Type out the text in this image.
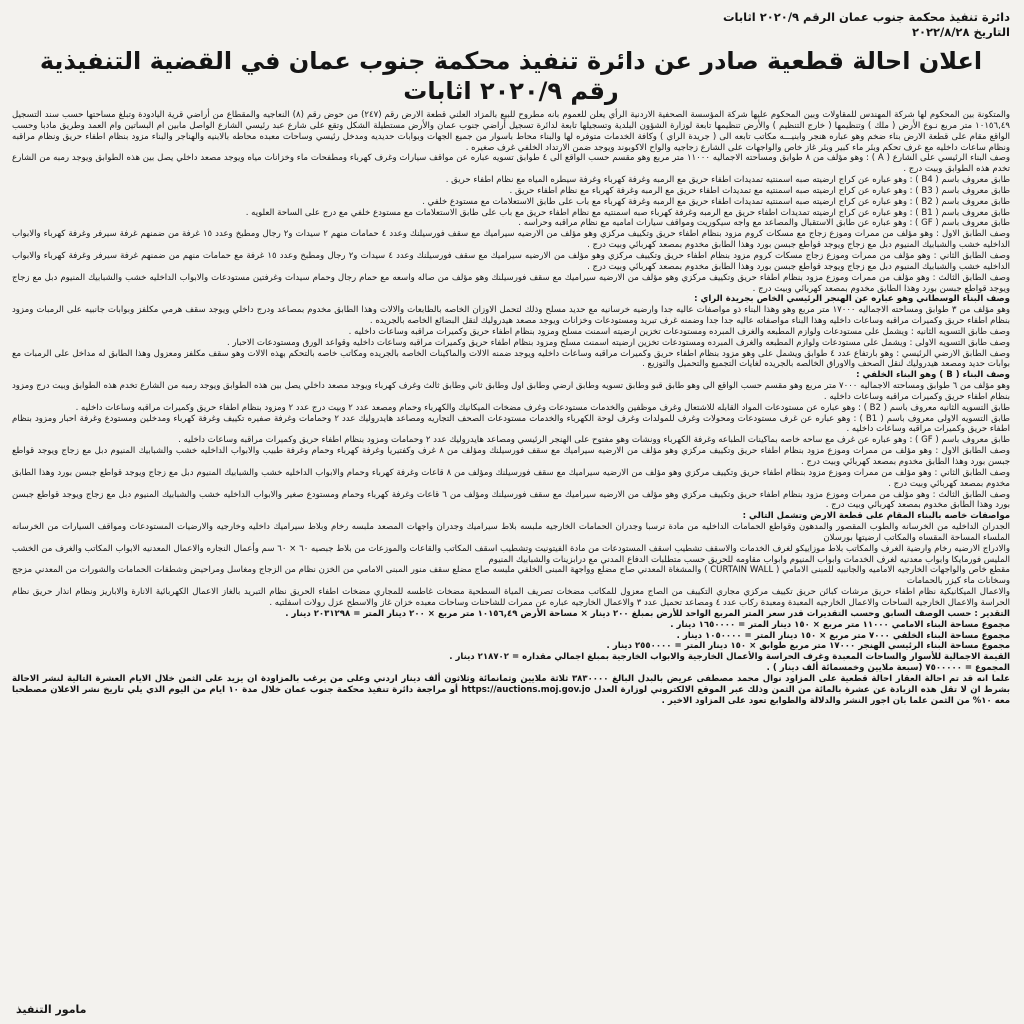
دائرة تنفيذ محكمة جنوب عمان الرقم ٢٠٢٠/٩ اثابات
التاريخ ٢٠٢٢/٨/٢٨
اعلان احالة قطعية صادر عن دائرة تنفيذ محكمة جنوب عمان في القضية التنفيذية رقم ٢٠٢٠/٩ اثابات

والمتكونة بين المحكوم لها شركة المهندس للمقاولات وبين المحكوم عليها شركة المؤسسة الصحفية الاردنية الرأي يعلن للعموم بانه مطروح للبيع بالمزاد العلني قطعة الارض رقم (٢٤٧) من حوض رقم (٨) النعاجيه والمقطاع من أراضي قرية اليادودة وتبلغ مساحتها حسب سند التسجيل ١٠١٥٦,٤٩ متر مربع نـوع الأرض ( ملك ) وتنظيمها ( خارج التنظيم ) والأرض تنظيمها تابعة لوزارة الشؤون البلدية وتسجيلها تابعة لدائرة تسجيل أراضي جنوب عمان والأرض مستطيلة الشكل وتقع على شارع عبد رئيسي الشارع الواصل مابين ام البساتين وام العمد وطريق مادبا وحسب الواقع مقام على قطعة الارض بناء ضخم وهو عباره هنجر وابنيـــه مكاتب تابعه الى ( جريدة الراي ) وكافة الخدمات متوفره لها والبناء محاط باسوار من جميع الجهات وبوابات حديديه ومدخل رئيسي وساحات معبده محاطه بالابنيه والهناجر والبناء مزود بنظام اطفاء حريق ونظام مراقبه ونظام ساعات داخليه مع غرف تحكم وبئر ماء كبير وبئر غاز خاص والواجهات على الشارع زجاجيه والواح الاكوبوند ويوجد ضمن الارتداد الخلفي غرف صغيره .

وصف البناء الرئيسي على الشارع ( A ) : وهو مؤلف من ٨ طوابق ومساحته الاجماليه ١١٠٠٠ متر مربع وهو مقسم حسب الواقع الى ٤ طوابق تسويه عباره عن مواقف سيارات وغرف كهرباء ومطفحات ماء وخزانات مياه ويوجد مصعد داخلي يصل بين هذه الطوابق ويوجد رمبه من الشارع تخدم هذه الطوابق وبيت درج .

طابق معروف باسم ( B4 ) : وهو عباره عن كراج ارضيته صبه اسمنتيه تمديدات اطفاء حريق مع الرمبه وغرفة كهرباء وغرفة سيطره المياه مع نظام اطفاء حريق .

طابق معروف باسم ( B3 ) : وهو عباره عن كراج ارضيته صبه اسمنتيه مع تمديدات اطفاء حريق مع الرمبه وغرفة كهرباء مع نظام اطفاء حريق .

طابق معروف باسم ( B2 ) : وهو عباره عن كراج ارضيته صبه اسمنتيه تمديدات اطفاء حريق مع الرمبه وغرفة كهرباء مع باب على طابق الاستعلامات مع مستودع خلفي .

طابق معروف باسم ( B1 ) : وهو عباره عن كراج ارضيته تمديدات اطفاء حريق مع الرمبه وغرفة كهرباء صبه اسمنتيه مع نظام اطفاء حريق مع باب على طابق الاستعلامات مع مستودع خلفي مع درج على الساحة العلويه .

طابق معروف باسم ( GF ) : وهو عباره عن طابق الاستقبال والمصاعد مع واجه سيكوريت ومواقف سيارات اماميه مع نظام مراقبه وحراسه .

وصف الطابق الاول : وهو مؤلف من ممرات وموزع زجاج مع مسكات كروم مزود بنظام اطفاء حريق وتكييف مركزي وهو مؤلف من الارضيه سيراميك مع سقف فورسيلنك وعدد ٤ حمامات منهم ٢ سيدات و٢ رجال ومطبخ وعدد ١٥ غرفة من ضمنهم غرفة سيرفر وغرفة كهرباء والابواب الداخليه خشب والشبابيك المنيوم دبل مع زجاج ويوجد قواطع جبسن بورد وهذا الطابق مخدوم بمصعد كهربائي وبيت درج .

وصف الطابق الثاني : وهو مؤلف من ممرات وموزع زجاج مسكات كروم مزود بنظام اطفاء حريق وتكييف مركزي وهو مؤلف من الارضيه سيراميك مع سقف فورسيلنك وعدد ٤ سيدات و٢ رجال ومطبخ وعدد ١٥ غرفة مع حمامات منهم من ضمنهم غرفة سيرفر وغرفة كهرباء والابواب الداخليه خشب والشبابيك المنيوم دبل مع زجاج ويوجد قواطع جبسن بورد وهذا الطابق مخدوم بمصعد كهربائي وبيت درج .

وصف الطابق الثالث : وهو مؤلف من ممرات وموزع مزود بنظام اطفاء حريق وتكييف مركزي وهو مؤلف من الارضيه سيراميك مع سقف فورسيلنك وهو مؤلف من صاله واسعه مع حمام رجال وحمام سيدات وغرفتين مستودعات والابواب الداخليه خشب والشبابيك المنيوم دبل مع زجاج ويوجد قواطع جبسن بورد وهذا الطابق مخدوم بمصعد كهربائي وبيت درج .

وصف البناء الوسطاني وهو عباره عن الهنجر الرئيسي الخاص بجريدة الراي :

وهو مؤلف من ٣ طوابق ومساحته الاجماليه ١٧٠٠٠ متر مربع وهو وهذا البناء ذو مواصفات عاليه جدا وارضيه خرسانيه مع حديد مسلح وذلك لتحمل الاوزان الخاصه بالطابعات والالات وهذا الطابق مخدوم بمصاعد ودرج داخلي ويوجد سقف هرمي مكلفز وبوابات جانبيه على الرمبات ومزود بنظام اطفاء حريق وكميرات مراقبه وساعات داخليه وهذا البناء مواصفاته عاليه جدا جدا وضمنه غرف تبريد ومستودعات وخزانات ويوجد مصعد هيدروليك لنقل البضائع الخاصه بالجريده .

وصف طابق التسويه الثانيه : ويشمل على مستودعات ولوازم المطبعه والغرف المبرده ومستودعات تخزين ارضيته اسمنت مسلح ومزود بنظام اطفاء حريق وكميرات مراقبه وساعات داخليه .

وصف طابق التسويه الاولى : ويشمل على مستودعات ولوازم المطبعه والغرف المبرده ومستودعات تخزين ارضيته اسمنت مسلح ومزود بنظام اطفاء حريق وكميرات مراقبه وساعات داخليه وقواعد الورق ومستودعات الاحبار .

وصف الطابق الارضي الرئيسي : وهو بارتفاع عدد ٤ طوابق ويشمل على وهو مزود بنظام اطفاء حريق وكميرات مراقبه وساعات داخليه ويوجد ضمنه الالات والماكينات الخاصه بالجريده ومكاتب خاصه بالتحكم بهذه الالات وهو سقف مكلفز ومعزول وهذا الطابق له مداخل على الرمبات مع بوابات حديد ومصعد هيدروليك لنقل الصحف والاوراق الخالصه بالجريده لغايات التجميع والتحميل والتوزيع .

وصف البناء ( B ) وهو البناء الخلفي :

وهو مؤلف من ٦ طوابق ومساحته الاجماليه ٧٠٠٠ متر مربع وهو مقسم حسب الواقع الى وهو طابق قبو وطابق تسويه وطابق ارضي وطابق اول وطابق ثاني وطابق ثالث وغرف كهرباء ويوجد مصعد داخلي يصل بين هذه الطوابق ويوجد رمبه من الشارع تخدم هذه الطوابق وبيت درج ومزود بنظام اطفاء حريق وكميرات مراقبه وساعات داخليه .

طابق التسويه الثانيه معروف باسم ( B2 ) : وهو عباره عن مستودعات المواد القابله للاشتعال وغرف موظفين والخدمات مستودعات وغرف مضخات الميكانيك والكهرباء وحمام ومصعد عدد ٢ وبيت درج عدد ٢ ومزود بنظام اطفاء حريق وكميرات مراقبه وساعات داخليه .

طابق التسويه الاولى معروف باسم ( B1 ) : وهو عباره عن غرف مستودعات ومحولات وغرف للمولدات وغرف لوحة الكهرباء والخدمات مستودعات الصحف التجاريه ومصاعد هايدروليك عدد ٢ وحمامات وغرفة صفيره تكييف وغرفة كهرباء ومدخلين ومستودع وغرفة احبار ومزود بنظام اطفاء حريق وكميرات مراقبه وساعات داخليه .

طابق معروف باسم ( GF ) : وهو عباره عن غرف مع ساحه خاصه بماكينات الطباعه وغرفة الكهرباء وونشات وهو مفتوح على الهنجر الرئيسي ومصاعد هايدروليك عدد ٢ وحمامات ومزود بنظام اطفاء حريق وكميرات مراقبه وساعات داخليه .

وصف الطابق الاول : وهو مؤلف من ممرات وموزع مزود بنظام اطفاء حريق وتكييف مركزي وهو مؤلف من الارضيه سيراميك مع سقف فورسيلنك ومؤلف من ٨ غرف وكفتيريا وغرفة كهرباء وحمام وغرفة طبيب والابواب الداخليه خشب والشبابيك المنيوم دبل مع زجاج ويوجد قواطع جبسن بورد وهذا الطابق مخدوم بمصعد كهربائي وبيت درج .

وصف الطابق الثاني : وهو مؤلف من ممرات وموزع مزود بنظام اطفاء حريق وتكييف مركزي وهو مؤلف من الارضيه سيراميك مع سقف فورسيلنك ومؤلف من ٨ قاعات وغرفة كهرباء وحمام والابواب الداخليه خشب والشبابيك المنيوم دبل مع زجاج ويوجد قواطع جبسن بورد وهذا الطابق مخدوم بمصعد كهربائي وبيت درج .

وصف الطابق الثالث : وهو مؤلف من ممرات وموزع مزود بنظام اطفاء حريق وتكييف مركزي وهو مؤلف من الارضيه سيراميك مع سقف فورسيلنك ومؤلف من ٦ قاعات وغرفة كهرباء وحمام ومستودع صغير والابواب الداخليه خشب والشبابيك المنيوم دبل مع زجاج ويوجد قواطع جبسن بورد وهذا الطابق مخدوم بمصعد كهربائي وبيت درج .

مواصفات خاصه بالبناء المقام على قطعة الارض وتشمل التالي :

الجدران الداخليه من الخرسانه والطوب المقصور والمدهون وقواطع الحمامات الداخليه من مادة ترسبا وجدران الحمامات الخارجيه ملبسه بلاط سيراميك وجدران واجهات المصعد ملبسه رخام وبلاط سيراميك داخليه وخارجيه والارضيات المستودعات ومواقف السيارات من الخرسانه الملساء المساحة المقساه والمكاتب ارضيتها بورسلان

والادراج الارضيه رخام وارضية الغرف والمكاتب بلاط موزاييكو لغرف الخدمات والاسقف تشطيب اسقف المستودعات من مادة الفيتونيت وتشطيب اسقف المكاتب والقاعات والموزعات من بلاط جبصيه ٦٠ × ٦٠ سم وأعمال النجاره والاعمال المعدنيه الابواب المكاتب والغرف من الخشب المليس فورمايكا وابواب معدنيه لغرف الخدمات وابواب المنيوم وابواب مقاومه للحريق حسب متطلبات الدفاع المدني مع درابزينات والشبابيك المنيوم

مقطع خاص والواجهات الخارجيه الاماميه والجانبيه للمبنى الامامي ( CURTAIN WALL ) والمشغاة المعدني صاج مضلع وواجهة المبنى الخلفي ملبسه صاج مضلع سقف منور المبنى الامامي من الخزن نظام من الزجاج ومغاسل ومراحيض وشطفات الحمامات والشورات من المعدني مزجج وسخانات ماء كيزر بالحمامات

والاعمال الميكانيكية نظام اطفاء حريق مرشات كبائن حريق تكييف مركزي مجاري التكييف من الصاج معزول للمكاتب مضخات تصريف المياة السطحية مضخات غاطسه للمجاري مضخات اطفاء الحريق نظام التبريد بالغاز الاعمال الكهربائية الانارة والاباريز ونظام انذار حريق نظام الحراسة والاعمال الخارجيه الساحات والاعمال الخارجيه المعبدة ومعبدة ركاب عدد ٤ ومصاعد تحميل عدد ٣ والاعمال الخارجيه عباره عن ممرات للشاحنات وساحات معبده خزان غاز والاسطح عزل رولات اسفلتيه .

التقدير : حسب الوصف السابق وحسب التقديرات قدر سعر المتر المربع الواحد للأرض بمبلغ ٢٠٠ دينار × مساحة الأرض ١٠١٥٦,٤٩ متر مربع × ٢٠٠ دينار المتر = ٢٠٣١٢٩٨ دينار .

مجموع مساحة البناء الامامي ١١٠٠٠ متر مربع × ١٥٠ دينار المتر = ١٦٥٠٠٠٠ دينار .

مجموع مساحة البناء الخلفي ٧٠٠٠ متر مربع × ١٥٠ دينار المتر = ١٠٥٠٠٠٠ دينار .

مجموع مساحة البناء الرئيسي الهنجر ١٧٠٠٠ متر مربع طوابق × ١٥٠ دينار المتر = ٢٥٥٠٠٠٠ دينار .

القيمة الاجمالية للأسوار والساحات المعبدة وغرف الحراسة والأعمال الخارجية والابواب الخارجية بمبلغ اجمالي مقداره = ٢١٨٧٠٢ دينار .

المجموع = ٧٥٠٠٠٠٠ (سبعة ملايين وخمسمائة ألف دينار ) .

علما انه قد تم احالة العقار احالة قطعية على المزاود نوال محمد مصطفى عريض بالبدل البالغ ٣٨٣٠٠٠٠ ثلاثة ملايين وثمانمائة وثلاثون ألف دينار اردني وعلى من يرغب بالمزاودة ان يزيد على الثمن خلال الايام العشرة التالية لنشر الاحالة بشرط ان لا تقل هذه الزيادة عن عشرة بالمائة من الثمن وذلك عبر الموقع الالكتروني لوزارة العدل https://auctions.moj.gov.jo أو مراجعة دائرة تنفيذ محكمة جنوب عمان خلال مدة ١٠ ايام من اليوم الذي يلي تاريخ نشر الاعلان مصطحبا معه ١٠% من الثمن علما بان اجور النشر والدلالة والطوابع تعود على المزاود الاخير .

مامور التنفيذ
